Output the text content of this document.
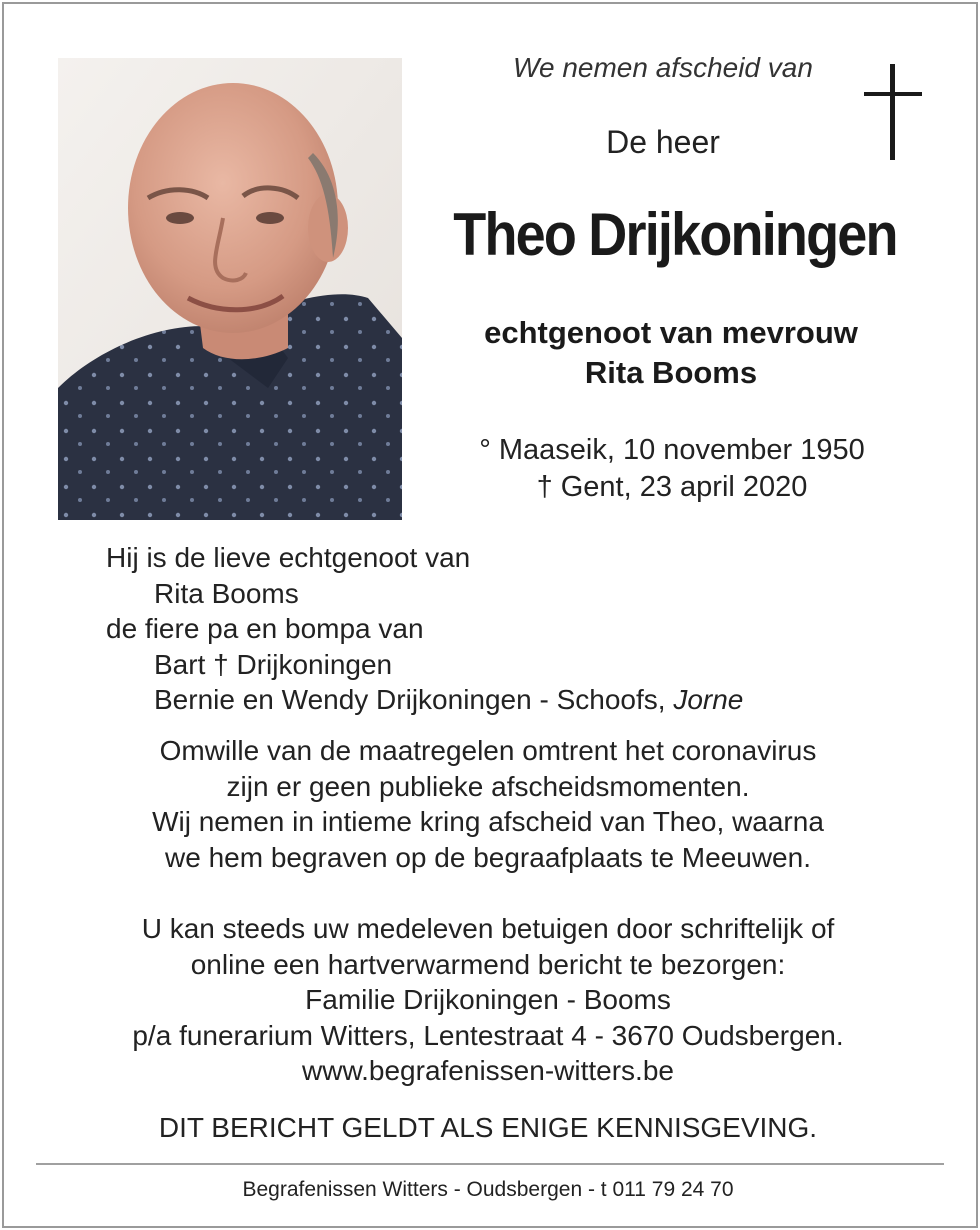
We nemen afscheid van
De heer
Theo Drijkoningen
echtgenoot van mevrouw
Rita Booms
° Maaseik, 10 november 1950
† Gent, 23 april 2020
Hij is de lieve echtgenoot van
Rita Booms
de fiere pa en bompa van
Bart † Drijkoningen
Bernie en Wendy Drijkoningen - Schoofs, Jorne
Omwille van de maatregelen omtrent het coronavirus
zijn er geen publieke afscheidsmomenten.
Wij nemen in intieme kring afscheid van Theo, waarna
we hem begraven op de begraafplaats te Meeuwen.
U kan steeds uw medeleven betuigen door schriftelijk of
online een hartverwarmend bericht te bezorgen:
Familie Drijkoningen - Booms
p/a funerarium Witters, Lentestraat 4 - 3670 Oudsbergen.
www.begrafenissen-witters.be
DIT BERICHT GELDT ALS ENIGE KENNISGEVING.
Begrafenissen Witters - Oudsbergen - t 011 79 24 70
